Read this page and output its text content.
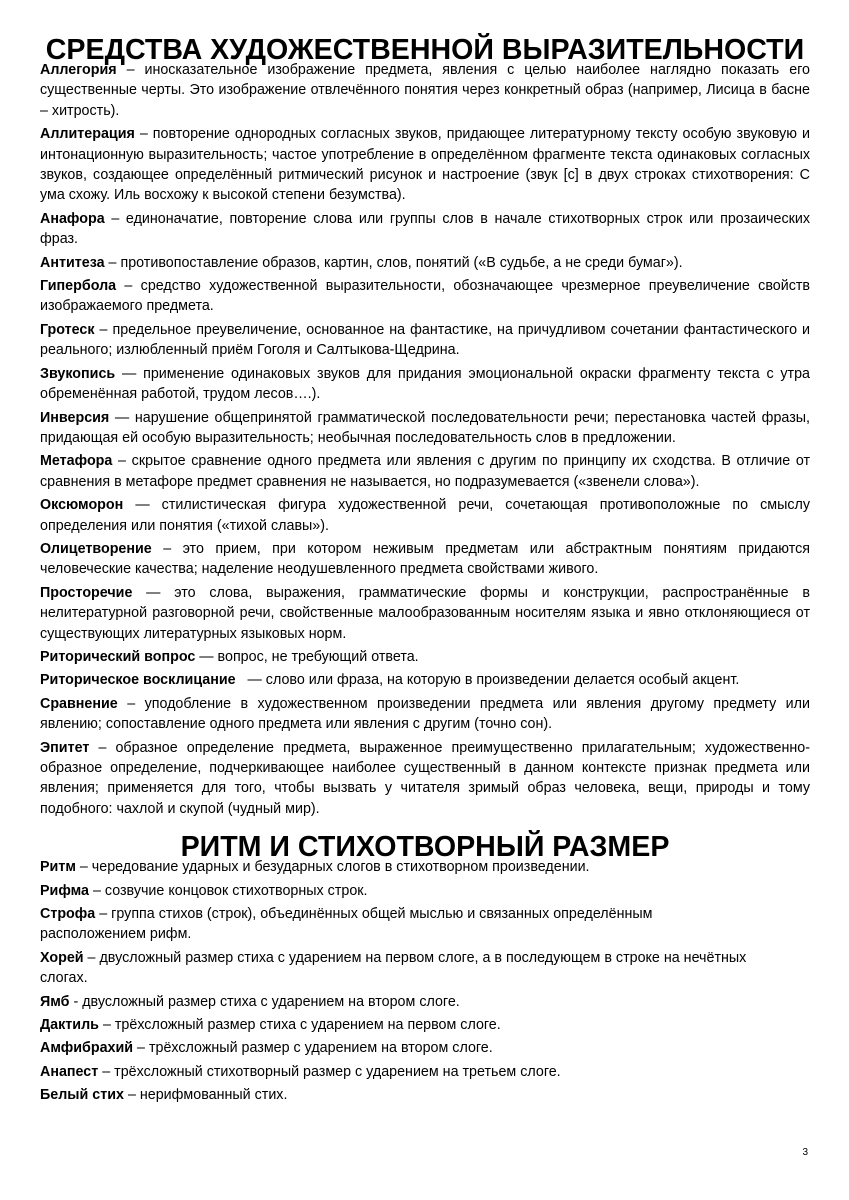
СРЕДСТВА ХУДОЖЕСТВЕННОЙ ВЫРАЗИТЕЛЬНОСТИ

Аллегория – иносказательное изображение предмета, явления с целью наиболее наглядно показать его существенные черты. Это изображение отвлечённого понятия через конкретный образ (например, Лисица в басне – хитрость).

Аллитерация – повторение однородных согласных звуков, придающее литературному тексту особую звуковую и интонационную выразительность; частое употребление в определённом фрагменте текста одинаковых согласных звуков, создающее определённый ритмический рисунок и настроение (звук [с] в двух строках стихотворения: С ума схожу. Иль восхожу к высокой степени безумства).

Анафора – единоначатие, повторение слова или группы слов в начале стихотворных строк или прозаических фраз.

Антитеза – противопоставление образов, картин, слов, понятий («В судьбе, а не среди бумаг»).

Гипербола – средство художественной выразительности, обозначающее чрезмерное преувеличение свойств изображаемого предмета.

Гротеск – предельное преувеличение, основанное на фантастике, на причудливом сочетании фантастического и реального; излюбленный приём Гоголя и Салтыкова-Щедрина.

Звукопись — применение одинаковых звуков для придания эмоциональной окраски фрагменту текста с утра обременённая работой, трудом лесов….).

Инверсия — нарушение общепринятой грамматической последовательности речи; перестановка частей фразы, придающая ей особую выразительность; необычная последовательность слов в предложении.

Метафора – скрытое сравнение одного предмета или явления с другим по принципу их сходства. В отличие от сравнения в метафоре предмет сравнения не называется, но подразумевается («звенели слова»).

Оксюморон — стилистическая фигура художественной речи, сочетающая противоположные по смыслу определения или понятия («тихой славы»).

Олицетворение – это прием, при котором неживым предметам или абстрактным понятиям придаются человеческие качества; наделение неодушевленного предмета свойствами живого.

Просторечие — это слова, выражения, грамматические формы и конструкции, распространённые в нелитературной разговорной речи, свойственные малообразованным носителям языка и явно отклоняющиеся от существующих литературных языковых норм.

Риторический вопрос — вопрос, не требующий ответа.

Риторическое восклицание   — слово или фраза, на которую в произведении делается особый акцент.

Сравнение – уподобление в художественном произведении предмета или явления другому предмету или явлению; сопоставление одного предмета или явления с другим (точно сон).

Эпитет – образное определение предмета, выраженное преимущественно прилагательным; художественно-образное определение, подчеркивающее наиболее существенный в данном контексте признак предмета или явления; применяется для того, чтобы вызвать у читателя зримый образ человека, вещи, природы и тому подобного: чахлой и скупой (чудный мир).

РИТМ И СТИХОТВОРНЫЙ РАЗМЕР

Ритм – чередование ударных и безударных слогов в стихотворном произведении.

Рифма – созвучие концовок стихотворных строк.

Строфа – группа стихов (строк), объединённых общей мыслью и связанных определённым расположением рифм.

Хорей – двусложный размер стиха с ударением на первом слоге, а в последующем в строке на нечётных слогах.

Ямб - двусложный размер стиха с ударением на втором слоге.

Дактиль – трёхсложный размер стиха с ударением на первом слоге.

Амфибрахий – трёхсложный размер с ударением на втором слоге.

Анапест – трёхсложный стихотворный размер с ударением на третьем слоге.

Белый стих – нерифмованный стих.

3
